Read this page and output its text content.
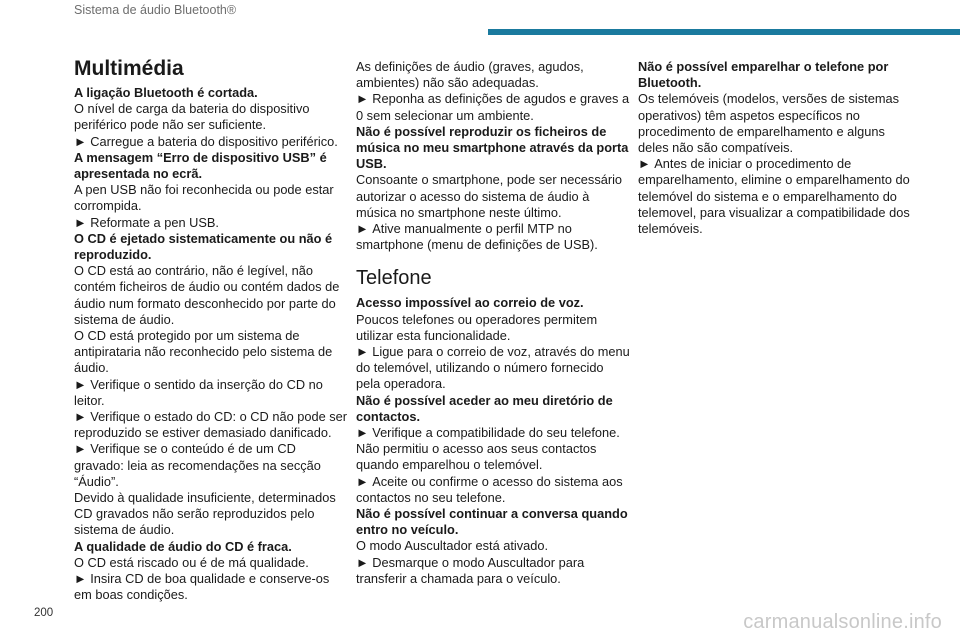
Sistema de áudio Bluetooth®
Multimédia

A ligação Bluetooth é cortada.

O nível de carga da bateria do dispositivo periférico pode não ser suficiente.

► Carregue a bateria do dispositivo periférico.

A mensagem “Erro de dispositivo USB” é apresentada no ecrã.

A pen USB não foi reconhecida ou pode estar corrompida.

► Reformate a pen USB.

O CD é ejetado sistematicamente ou não é reproduzido.

O CD está ao contrário, não é legível, não contém ficheiros de áudio ou contém dados de áudio num formato desconhecido por parte do sistema de áudio.

O CD está protegido por um sistema de antipirataria não reconhecido pelo sistema de áudio.

► Verifique o sentido da inserção do CD no leitor.

► Verifique o estado do CD: o CD não pode ser reproduzido se estiver demasiado danificado.

► Verifique se o conteúdo é de um CD gravado: leia as recomendações na secção “Áudio”.

Devido à qualidade insuficiente, determinados CD gravados não serão reproduzidos pelo sistema de áudio.

A qualidade de áudio do CD é fraca.

O CD está riscado ou é de má qualidade.

► Insira CD de boa qualidade e conserve-os em boas condições.

As definições de áudio (graves, agudos, ambientes) não são adequadas.

► Reponha as definições de agudos e graves a 0 sem selecionar um ambiente.

Não é possível reproduzir os ficheiros de música no meu smartphone através da porta USB.

Consoante o smartphone, pode ser necessário autorizar o acesso do sistema de áudio à música no smartphone neste último.

► Ative manualmente o perfil MTP no smartphone (menu de definições de USB).

Telefone

Acesso impossível ao correio de voz.

Poucos telefones ou operadores permitem utilizar esta funcionalidade.

► Ligue para o correio de voz, através do menu do telemóvel, utilizando o número fornecido pela operadora.

Não é possível aceder ao meu diretório de contactos.

► Verifique a compatibilidade do seu telefone.

Não permitiu o acesso aos seus contactos quando emparelhou o telemóvel.

► Aceite ou confirme o acesso do sistema aos contactos no seu telefone.

Não é possível continuar a conversa quando entro no veículo.

O modo Auscultador está ativado.

► Desmarque o modo Auscultador para transferir a chamada para o veículo.

Não é possível emparelhar o telefone por Bluetooth.

Os telemóveis (modelos, versões de sistemas operativos) têm aspetos específicos no procedimento de emparelhamento e alguns deles não são compatíveis.

► Antes de iniciar o procedimento de emparelhamento, elimine o emparelhamento do telemóvel do sistema e o emparelhamento do telemovel, para visualizar a compatibilidade dos telemóveis.

200	carmanualsonline.info
